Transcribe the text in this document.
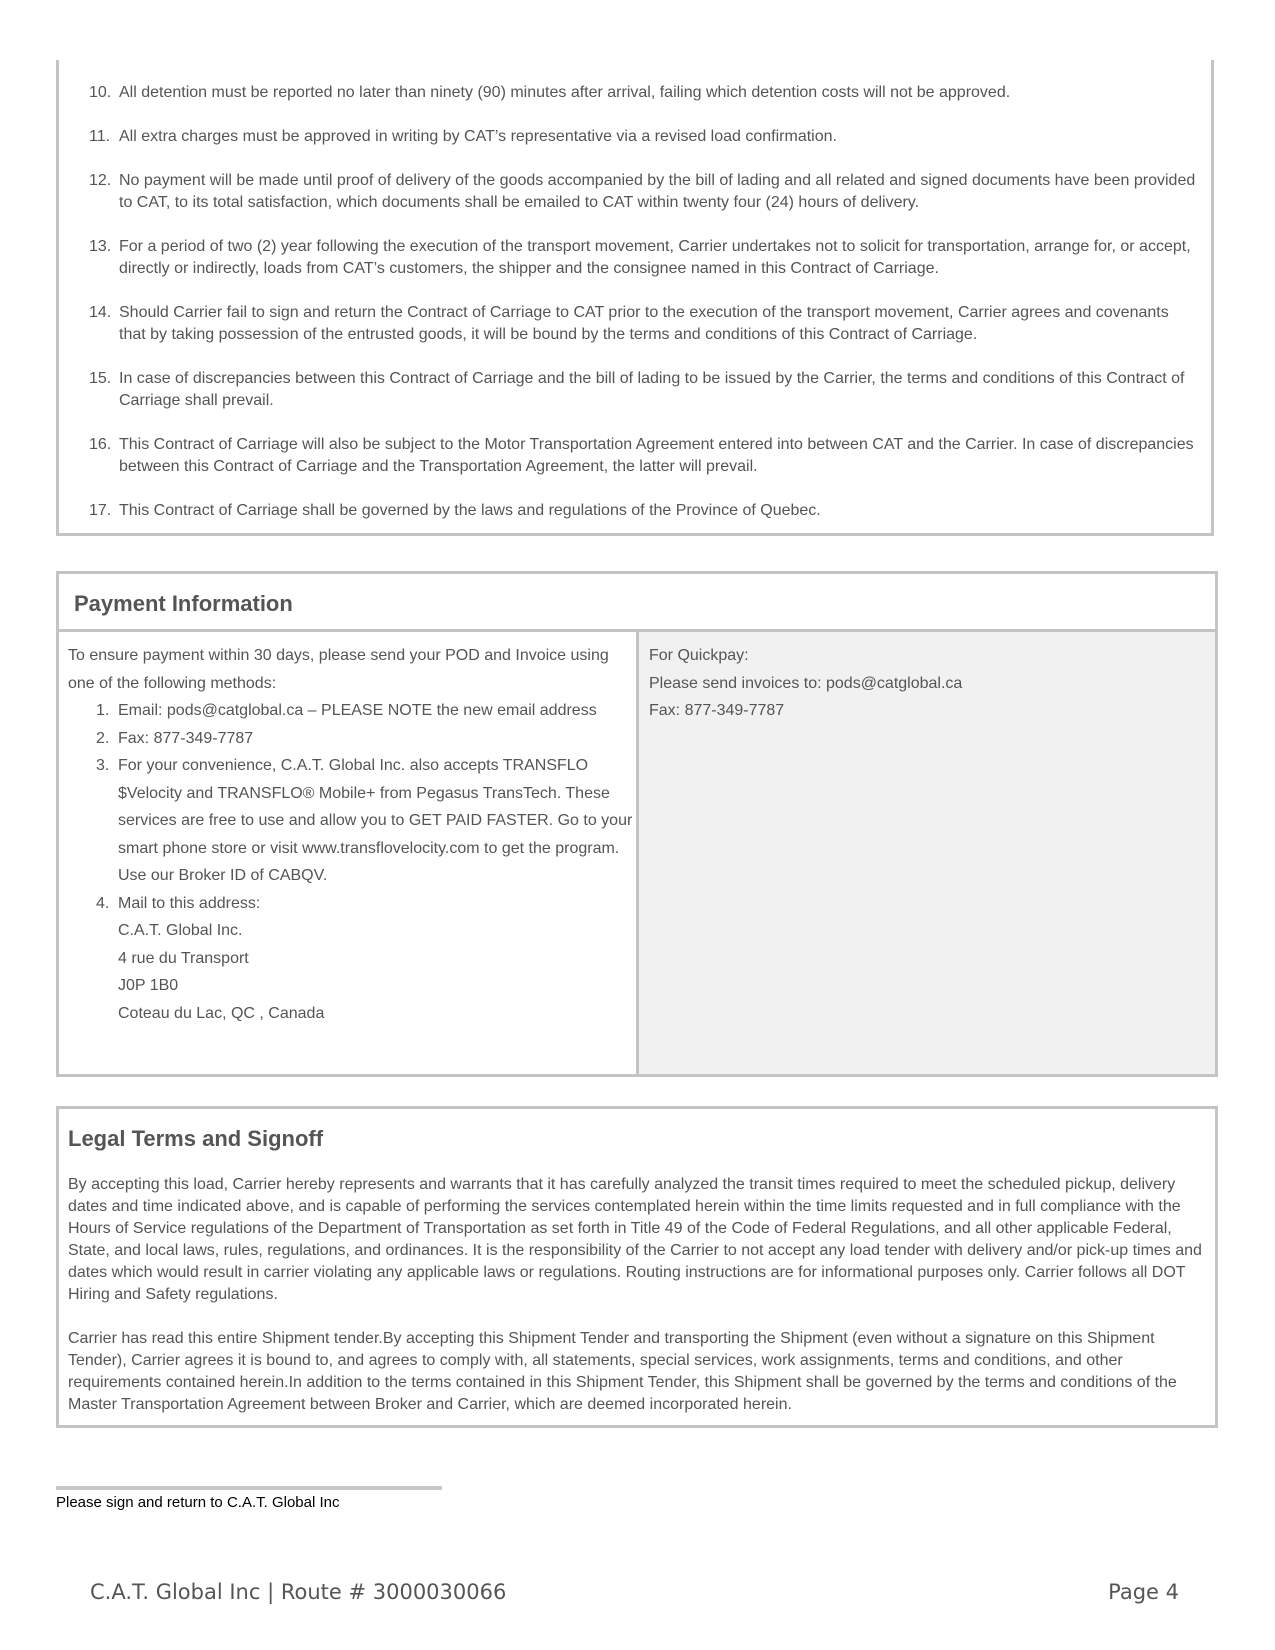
10. All detention must be reported no later than ninety (90) minutes after arrival, failing which detention costs will not be approved.
11. All extra charges must be approved in writing by CAT’s representative via a revised load confirmation.
12. No payment will be made until proof of delivery of the goods accompanied by the bill of lading and all related and signed documents have been provided to CAT, to its total satisfaction, which documents shall be emailed to CAT within twenty four (24) hours of delivery.
13. For a period of two (2) year following the execution of the transport movement, Carrier undertakes not to solicit for transportation, arrange for, or accept, directly or indirectly, loads from CAT’s customers, the shipper and the consignee named in this Contract of Carriage.
14. Should Carrier fail to sign and return the Contract of Carriage to CAT prior to the execution of the transport movement, Carrier agrees and covenants that by taking possession of the entrusted goods, it will be bound by the terms and conditions of this Contract of Carriage.
15. In case of discrepancies between this Contract of Carriage and the bill of lading to be issued by the Carrier, the terms and conditions of this Contract of Carriage shall prevail.
16. This Contract of Carriage will also be subject to the Motor Transportation Agreement entered into between CAT and the Carrier. In case of discrepancies between this Contract of Carriage and the Transportation Agreement, the latter will prevail.
17. This Contract of Carriage shall be governed by the laws and regulations of the Province of Quebec.
Payment Information
To ensure payment within 30 days, please send your POD and Invoice using one of the following methods:
1. Email: pods@catglobal.ca – PLEASE NOTE the new email address
2. Fax: 877-349-7787
3. For your convenience, C.A.T. Global Inc. also accepts TRANSFLO $Velocity and TRANSFLO® Mobile+ from Pegasus TransTech. These services are free to use and allow you to GET PAID FASTER. Go to your smart phone store or visit www.transflovelocity.com to get the program. Use our Broker ID of CABQV.
4. Mail to this address:
C.A.T. Global Inc.
4 rue du Transport
J0P 1B0
Coteau du Lac, QC , Canada
For Quickpay:
Please send invoices to: pods@catglobal.ca
Fax: 877-349-7787
Legal Terms and Signoff

By accepting this load, Carrier hereby represents and warrants that it has carefully analyzed the transit times required to meet the scheduled pickup, delivery dates and time indicated above, and is capable of performing the services contemplated herein within the time limits requested and in full compliance with the Hours of Service regulations of the Department of Transportation as set forth in Title 49 of the Code of Federal Regulations, and all other applicable Federal, State, and local laws, rules, regulations, and ordinances. It is the responsibility of the Carrier to not accept any load tender with delivery and/or pick-up times and dates which would result in carrier violating any applicable laws or regulations. Routing instructions are for informational purposes only. Carrier follows all DOT Hiring and Safety regulations.

Carrier has read this entire Shipment tender.By accepting this Shipment Tender and transporting the Shipment (even without a signature on this Shipment Tender), Carrier agrees it is bound to, and agrees to comply with, all statements, special services, work assignments, terms and conditions, and other requirements contained herein.In addition to the terms contained in this Shipment Tender, this Shipment shall be governed by the terms and conditions of the Master Transportation Agreement between Broker and Carrier, which are deemed incorporated herein.

Please sign and return to C.A.T. Global Inc
C.A.T. Global Inc | Route # 3000030066	Page 4
